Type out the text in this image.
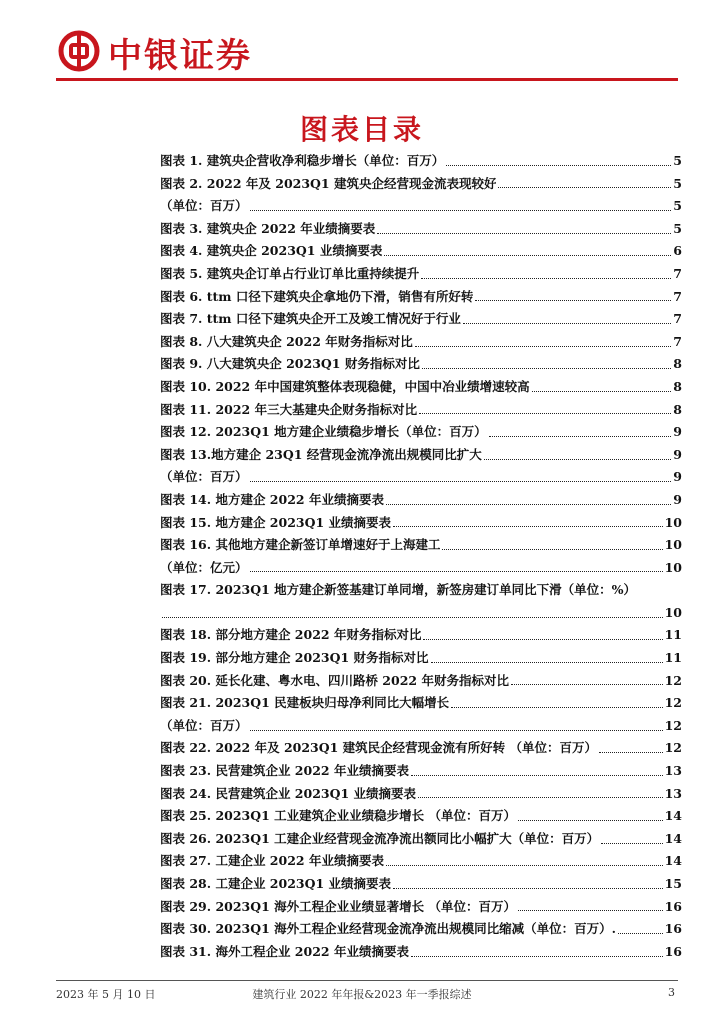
中银证券
图表目录
图表 1. 建筑央企营收净利稳步增长（单位：百万）	5
图表 2. 2022 年及 2023Q1 建筑央企经营现金流表现较好	5
（单位：百万）	5
图表 3. 建筑央企 2022 年业绩摘要表	5
图表 4. 建筑央企 2023Q1 业绩摘要表	6
图表 5. 建筑央企订单占行业订单比重持续提升	7
图表 6. ttm 口径下建筑央企拿地仍下滑，销售有所好转	7
图表 7. ttm 口径下建筑央企开工及竣工情况好于行业	7
图表 8. 八大建筑央企 2022 年财务指标对比	7
图表 9. 八大建筑央企 2023Q1 财务指标对比	8
图表 10. 2022 年中国建筑整体表现稳健，中国中冶业绩增速较高	8
图表 11. 2022 年三大基建央企财务指标对比	8
图表 12. 2023Q1 地方建企业绩稳步增长（单位：百万）	9
图表 13.地方建企 23Q1 经营现金流净流出规模同比扩大	9
（单位：百万）	9
图表 14. 地方建企 2022 年业绩摘要表	9
图表 15. 地方建企 2023Q1 业绩摘要表	10
图表 16. 其他地方建企新签订单增速好于上海建工	10
（单位：亿元）	10
图表 17. 2023Q1 地方建企新签基建订单同增，新签房建订单同比下滑（单位：%）
10
图表 18. 部分地方建企 2022 年财务指标对比	11
图表 19. 部分地方建企 2023Q1 财务指标对比	11
图表 20. 延长化建、粤水电、四川路桥 2022 年财务指标对比	12
图表 21. 2023Q1 民建板块归母净利同比大幅增长	12
（单位：百万）	12
图表 22. 2022 年及 2023Q1 建筑民企经营现金流有所好转 （单位：百万）	12
图表 23. 民营建筑企业 2022 年业绩摘要表	13
图表 24. 民营建筑企业 2023Q1 业绩摘要表	13
图表 25. 2023Q1 工业建筑企业业绩稳步增长 （单位：百万）	14
图表 26. 2023Q1 工建企业经营现金流净流出额同比小幅扩大（单位：百万）	14
图表 27. 工建企业 2022 年业绩摘要表	14
图表 28. 工建企业 2023Q1 业绩摘要表	15
图表 29. 2023Q1 海外工程企业业绩显著增长 （单位：百万）	16
图表 30. 2023Q1 海外工程企业经营现金流净流出规模同比缩减（单位：百万）.	16
图表 31. 海外工程企业 2022 年业绩摘要表	16
2023 年 5 月 10 日	建筑行业 2022 年年报&2023 年一季报综述	3
